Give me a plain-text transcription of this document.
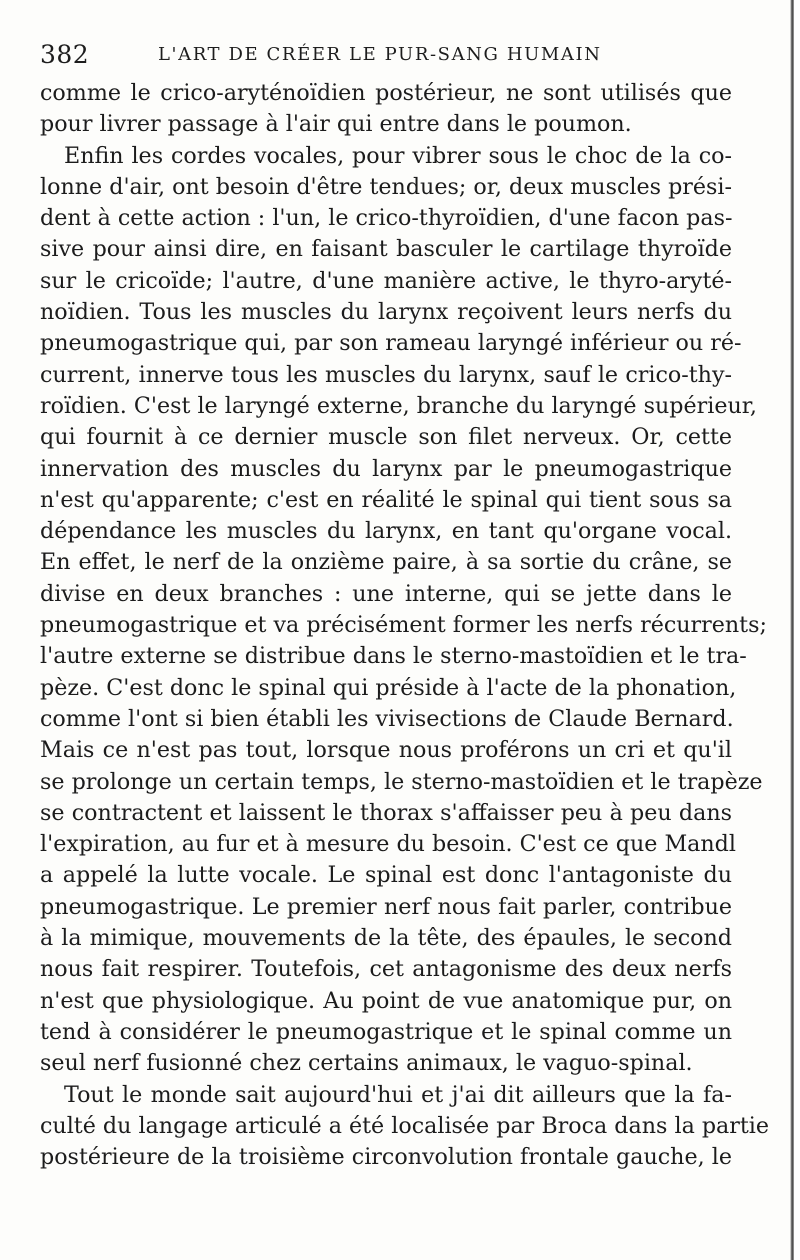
382	L'ART DE CRÉER LE PUR-SANG HUMAIN
comme le crico-aryténoïdien postérieur, ne sont utilisés que
pour livrer passage à l'air qui entre dans le poumon.
Enfin les cordes vocales, pour vibrer sous le choc de la co-
lonne d'air, ont besoin d'être tendues; or, deux muscles prési-
dent à cette action : l'un, le crico-thyroïdien, d'une facon pas-
sive pour ainsi dire, en faisant basculer le cartilage thyroïde
sur le cricoïde; l'autre, d'une manière active, le thyro-aryté-
noïdien. Tous les muscles du larynx reçoivent leurs nerfs du
pneumogastrique qui, par son rameau laryngé inférieur ou ré-
current, innerve tous les muscles du larynx, sauf le crico-thy-
roïdien. C'est le laryngé externe, branche du laryngé supérieur,
qui fournit à ce dernier muscle son filet nerveux. Or, cette
innervation des muscles du larynx par le pneumogastrique
n'est qu'apparente; c'est en réalité le spinal qui tient sous sa
dépendance les muscles du larynx, en tant qu'organe vocal.
En effet, le nerf de la onzième paire, à sa sortie du crâne, se
divise en deux branches : une interne, qui se jette dans le
pneumogastrique et va précisément former les nerfs récurrents;
l'autre externe se distribue dans le sterno-mastoïdien et le tra-
pèze. C'est donc le spinal qui préside à l'acte de la phonation,
comme l'ont si bien établi les vivisections de Claude Bernard.
Mais ce n'est pas tout, lorsque nous proférons un cri et qu'il
se prolonge un certain temps, le sterno-mastoïdien et le trapèze
se contractent et laissent le thorax s'affaisser peu à peu dans
l'expiration, au fur et à mesure du besoin. C'est ce que Mandl
a appelé la lutte vocale. Le spinal est donc l'antagoniste du
pneumogastrique. Le premier nerf nous fait parler, contribue
à la mimique, mouvements de la tête, des épaules, le second
nous fait respirer. Toutefois, cet antagonisme des deux nerfs
n'est que physiologique. Au point de vue anatomique pur, on
tend à considérer le pneumogastrique et le spinal comme un
seul nerf fusionné chez certains animaux, le vaguo-spinal.
Tout le monde sait aujourd'hui et j'ai dit ailleurs que la fa-
culté du langage articulé a été localisée par Broca dans la partie
postérieure de la troisième circonvolution frontale gauche, le
